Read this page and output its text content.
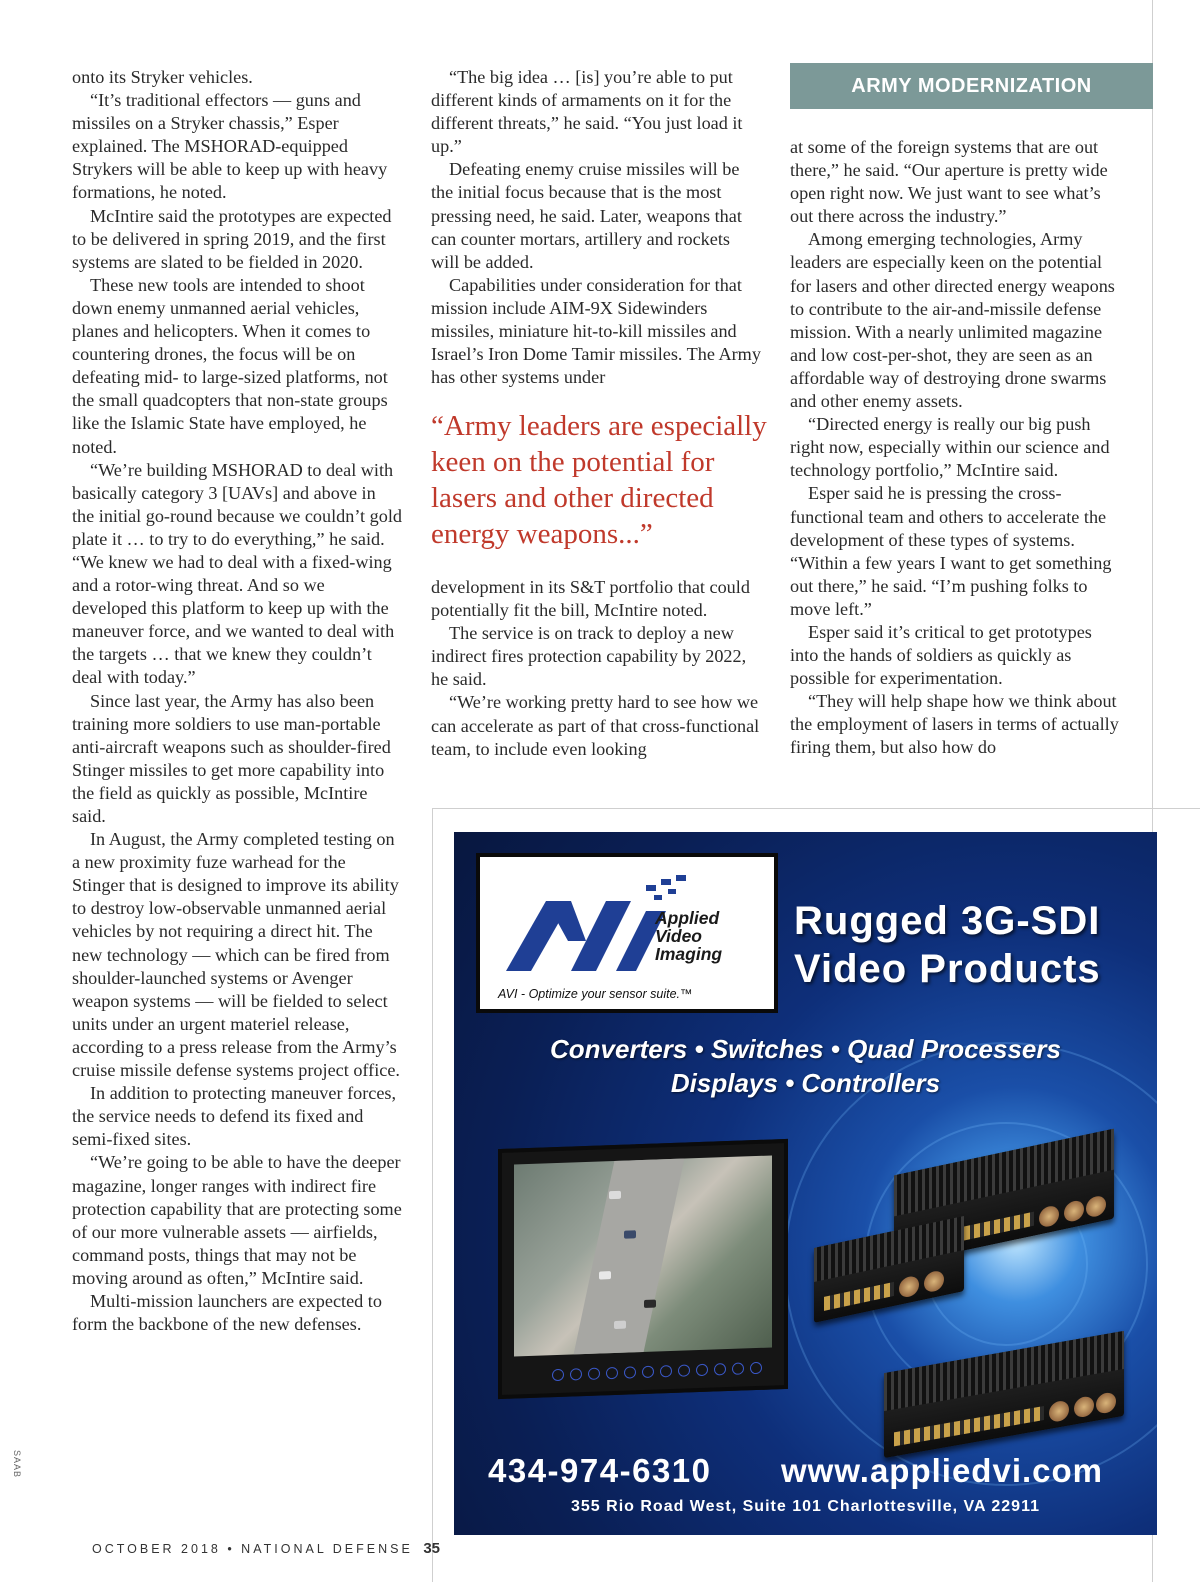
onto its Stryker vehicles.

“It’s traditional effectors — guns and missiles on a Stryker chassis,” Esper explained. The MSHORAD-equipped Strykers will be able to keep up with heavy formations, he noted.

McIntire said the prototypes are expected to be delivered in spring 2019, and the first systems are slated to be fielded in 2020.

These new tools are intended to shoot down enemy unmanned aerial vehicles, planes and helicopters. When it comes to countering drones, the focus will be on defeating mid- to large-sized platforms, not the small quadcopters that non-state groups like the Islamic State have employed, he noted.

“We’re building MSHORAD to deal with basically category 3 [UAVs] and above in the initial go-round because we couldn’t gold plate it … to try to do everything,” he said. “We knew we had to deal with a fixed-wing and a rotor-wing threat. And so we developed this platform to keep up with the maneuver force, and we wanted to deal with the targets … that we knew they couldn’t deal with today.”

Since last year, the Army has also been training more soldiers to use man-portable anti-aircraft weapons such as shoulder-fired Stinger missiles to get more capability into the field as quickly as possible, McIntire said.

In August, the Army completed testing on a new proximity fuze warhead for the Stinger that is designed to improve its ability to destroy low-observable unmanned aerial vehicles by not requiring a direct hit. The new technology — which can be fired from shoulder-launched systems or Avenger weapon systems — will be fielded to select units under an urgent materiel release, according to a press release from the Army’s cruise missile defense systems project office.

In addition to protecting maneuver forces, the service needs to defend its fixed and semi-fixed sites.

“We’re going to be able to have the deeper magazine, longer ranges with indirect fire protection capability that are protecting some of our more vulnerable assets — airfields, command posts, things that may not be moving around as often,” McIntire said.

Multi-mission launchers are expected to form the backbone of the new defenses.

“The big idea … [is] you’re able to put different kinds of armaments on it for the different threats,” he said. “You just load it up.”

Defeating enemy cruise missiles will be the initial focus because that is the most pressing need, he said. Later, weapons that can counter mortars, artillery and rockets will be added.

Capabilities under consideration for that mission include AIM-9X Sidewinders missiles, miniature hit-to-kill missiles and Israel’s Iron Dome Tamir missiles. The Army has other systems under

“Army leaders are especially keen on the potential for lasers and other directed energy weapons...”

development in its S&T portfolio that could potentially fit the bill, McIntire noted.

The service is on track to deploy a new indirect fires protection capability by 2022, he said.

“We’re working pretty hard to see how we can accelerate as part of that cross-functional team, to include even looking

ARMY MODERNIZATION

at some of the foreign systems that are out there,” he said. “Our aperture is pretty wide open right now. We just want to see what’s out there across the industry.”

Among emerging technologies, Army leaders are especially keen on the potential for lasers and other directed energy weapons to contribute to the air-and-missile defense mission. With a nearly unlimited magazine and low cost-per-shot, they are seen as an affordable way of destroying drone swarms and other enemy assets.

“Directed energy is really our big push right now, especially within our science and technology portfolio,” McIntire said.

Esper said he is pressing the cross-functional team and others to accelerate the development of these types of systems. “Within a few years I want to get something out there,” he said. “I’m pushing folks to move left.”

Esper said it’s critical to get prototypes into the hands of soldiers as quickly as possible for experimentation.

“They will help shape how we think about the employment of lasers in terms of actually firing them, but also how do

SAAB
OCTOBER 2018 • NATIONAL DEFENSE 35
Applied
Video
Imaging
AVI - Optimize your sensor suite.™
Rugged 3G-SDI
Video Products
Converters • Switches • Quad Processers
Displays • Controllers
434-974-6310 www.appliedvi.com
355 Rio Road West, Suite 101 Charlottesville, VA 22911
